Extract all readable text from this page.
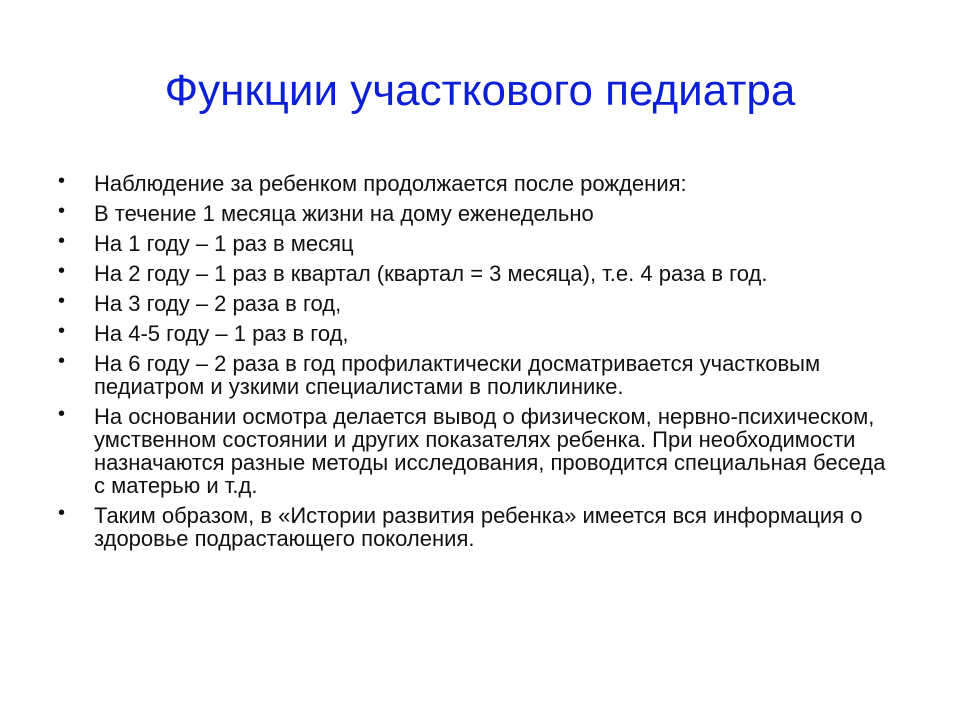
Функции участкового педиатра
• Наблюдение за ребенком продолжается после рождения:
• В течение 1 месяца жизни на дому еженедельно
• На 1 году – 1 раз в месяц
• На 2 году – 1 раз в квартал (квартал = 3 месяца), т.е. 4 раза в год.
• На 3 году – 2 раза в год,
• На 4-5 году – 1 раз в год,
• На 6 году – 2 раза в год профилактически досматривается участковым педиатром и узкими специалистами в поликлинике.
• На основании осмотра делается вывод о физическом, нервно-психическом, умственном состоянии и других показателях ребенка. При необходимости назначаются разные методы исследования, проводится специальная беседа с матерью и т.д.
• Таким образом, в «Истории развития ребенка» имеется вся информация о здоровье подрастающего поколения.
